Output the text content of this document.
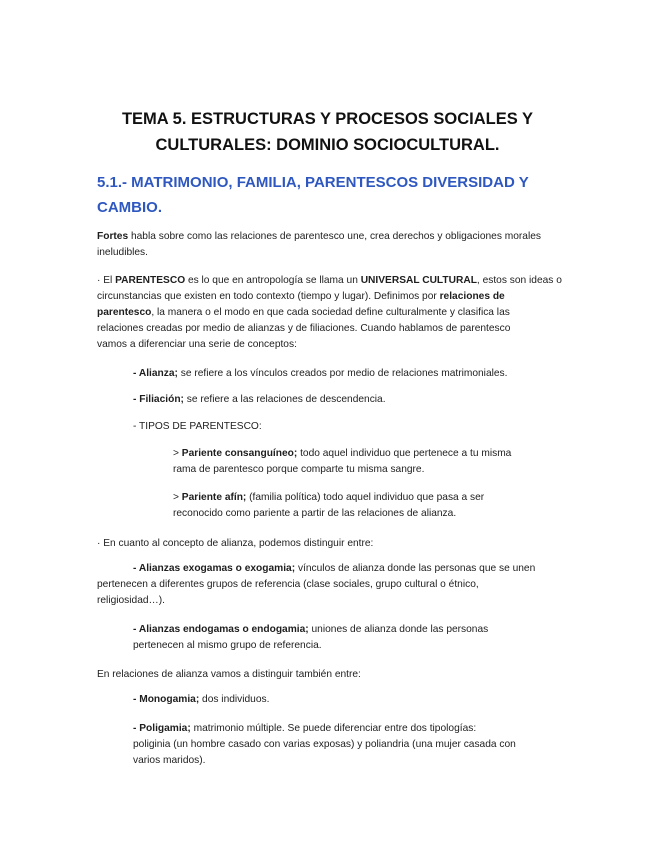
TEMA 5. ESTRUCTURAS Y PROCESOS SOCIALES Y
CULTURALES: DOMINIO SOCIOCULTURAL.
5.1.- MATRIMONIO, FAMILIA, PARENTESCOS DIVERSIDAD Y
CAMBIO.

Fortes habla sobre como las relaciones de parentesco une, crea derechos y obligaciones morales
ineludibles.

· El PARENTESCO es lo que en antropología se llama un UNIVERSAL CULTURAL, estos son ideas o
circunstancias que existen en todo contexto (tiempo y lugar). Definimos por relaciones de
parentesco, la manera o el modo en que cada sociedad define culturalmente y clasifica las
relaciones creadas por medio de alianzas y de filiaciones. Cuando hablamos de parentesco
vamos a diferenciar una serie de conceptos:

- Alianza; se refiere a los vínculos creados por medio de relaciones matrimoniales.

- Filiación; se refiere a las relaciones de descendencia.

- TIPOS DE PARENTESCO:

> Pariente consanguíneo; todo aquel individuo que pertenece a tu misma
rama de parentesco porque comparte tu misma sangre.

> Pariente afín; (familia política) todo aquel individuo que pasa a ser
reconocido como pariente a partir de las relaciones de alianza.

· En cuanto al concepto de alianza, podemos distinguir entre:

- Alianzas exogamas o exogamia; vínculos de alianza donde las personas que se unen
pertenecen a diferentes grupos de referencia (clase sociales, grupo cultural o étnico,
religiosidad…).

- Alianzas endogamas o endogamia; uniones de alianza donde las personas
pertenecen al mismo grupo de referencia.

En relaciones de alianza vamos a distinguir también entre:

- Monogamia; dos individuos.

- Poligamia; matrimonio múltiple. Se puede diferenciar entre dos tipologías:
poliginia (un hombre casado con varias exposas) y poliandria (una mujer casada con
varios maridos).
